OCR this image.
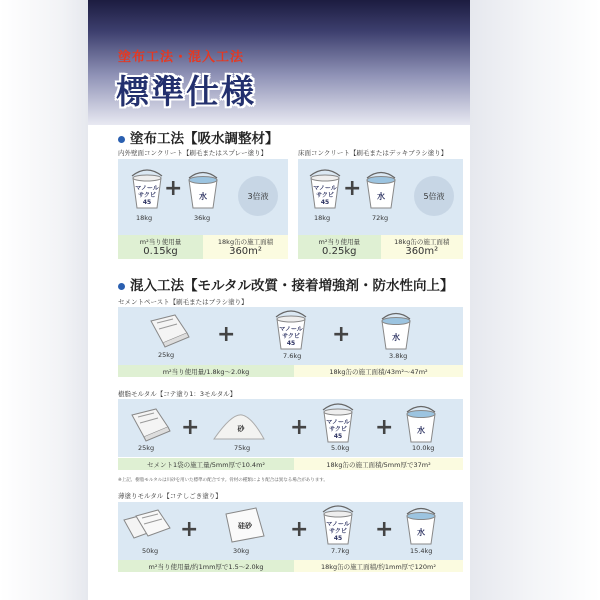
塗布工法・混入工法
標準仕様
塗布工法【吸水調整材】
内外壁面コンクリート【刷毛またはスプレー塗り】
マノール
サクビ
45
18kg
+ 水
36kg
3倍液
m²当り使用量
0.15kg
18kg缶の施工面積
360m²
床面コンクリート【刷毛またはデッキブラシ塗り】
マノール
サクビ
45
18kg
+ 水
72kg
5倍液
m²当り使用量
0.25kg
18kg缶の施工面積
360m²
混入工法【モルタル改質・接着増強剤・防水性向上】
セメントペースト【刷毛またはブラシ塗り】
25kg
+	マノール
サクビ
45
7.6kg
+	水
3.8kg
m²当り使用量/1.8kg～2.0kg	18kg缶の施工面積/43m²～47m²
樹脂モルタル【コテ塗り1：3モルタル】
25kg
+	砂
75kg
+	マノール
サクビ
45
5.0kg
+	水
10.0kg
セメント1袋の施工量/5mm厚で10.4m²	18kg缶の施工面積/5mm厚で37m²
※上記、樹脂モルタルは川砂を用いた標準の配合です。骨材の種類により配合は異なる場合があります。
薄塗りモルタル【コテしごき塗り】
50kg
+	硅砂
30kg
+	マノール
サクビ
45
7.7kg
+	水
15.4kg
m²当り使用量/約1mm厚で1.5～2.0kg	18kg缶の施工面積/約1mm厚で120m²
